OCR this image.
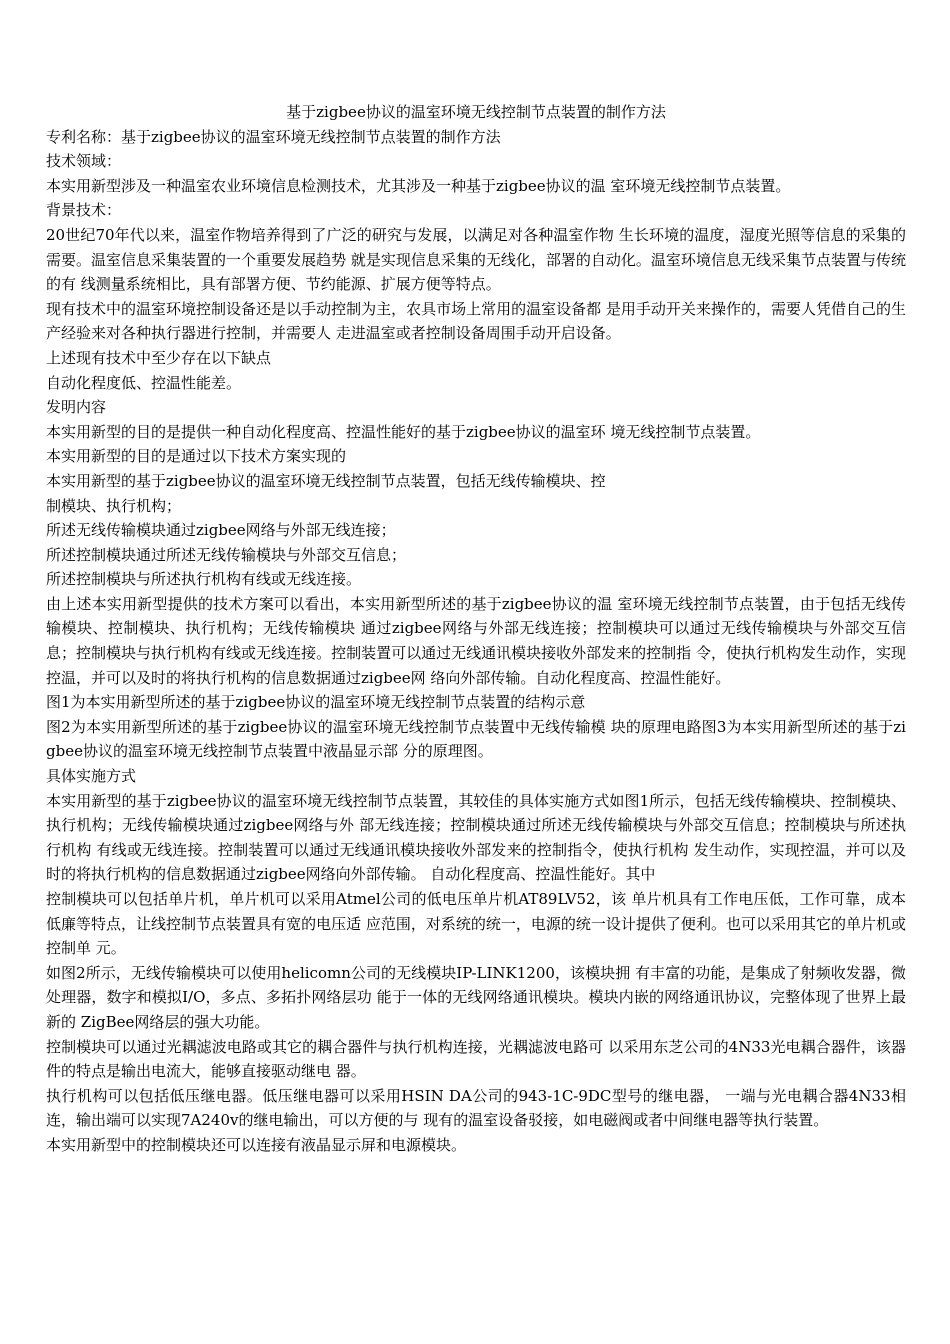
基于zigbee协议的温室环境无线控制节点装置的制作方法

专利名称：基于zigbee协议的温室环境无线控制节点装置的制作方法

技术领域：

本实用新型涉及一种温室农业环境信息检测技术，尤其涉及一种基于zigbee协议的温 室环境无线控制节点装置。

背景技术：

20世纪70年代以来，温室作物培养得到了广泛的研究与发展，以满足对各种温室作物 生长环境的温度，湿度光照等信息的采集的需要。温室信息采集装置的一个重要发展趋势 就是实现信息采集的无线化，部署的自动化。温室环境信息无线采集节点装置与传统的有 线测量系统相比，具有部署方便、节约能源、扩展方便等特点。

现有技术中的温室环境控制设备还是以手动控制为主，农具市场上常用的温室设备都 是用手动开关来操作的，需要人凭借自己的生产经验来对各种执行器进行控制，并需要人 走进温室或者控制设备周围手动开启设备。

上述现有技术中至少存在以下缺点

自动化程度低、控温性能差。

发明内容

本实用新型的目的是提供一种自动化程度高、控温性能好的基于zigbee协议的温室环 境无线控制节点装置。

本实用新型的目的是通过以下技术方案实现的

本实用新型的基于zigbee协议的温室环境无线控制节点装置，包括无线传输模块、控

制模块、执行机构；

所述无线传输模块通过zigbee网络与外部无线连接；

所述控制模块通过所述无线传输模块与外部交互信息；

所述控制模块与所述执行机构有线或无线连接。

由上述本实用新型提供的技术方案可以看出，本实用新型所述的基于zigbee协议的温 室环境无线控制节点装置，由于包括无线传输模块、控制模块、执行机构；无线传输模块 通过zigbee网络与外部无线连接；控制模块可以通过无线传输模块与外部交互信息；控制模块与执行机构有线或无线连接。控制装置可以通过无线通讯模块接收外部发来的控制指 令，使执行机构发生动作，实现控温，并可以及时的将执行机构的信息数据通过zigbee网 络向外部传输。自动化程度高、控温性能好。

图1为本实用新型所述的基于zigbee协议的温室环境无线控制节点装置的结构示意

图2为本实用新型所述的基于zigbee协议的温室环境无线控制节点装置中无线传输模 块的原理电路图3为本实用新型所述的基于zigbee协议的温室环境无线控制节点装置中液晶显示部 分的原理图。

具体实施方式

本实用新型的基于zigbee协议的温室环境无线控制节点装置，其较佳的具体实施方式如图1所示，包括无线传输模块、控制模块、执行机构；无线传输模块通过zigbee网络与外 部无线连接；控制模块通过所述无线传输模块与外部交互信息；控制模块与所述执行机构 有线或无线连接。控制装置可以通过无线通讯模块接收外部发来的控制指令，使执行机构 发生动作，实现控温，并可以及时的将执行机构的信息数据通过zigbee网络向外部传输。 自动化程度高、控温性能好。其中

控制模块可以包括单片机，单片机可以采用Atmel公司的低电压单片机AT89LV52，该 单片机具有工作电压低，工作可靠，成本低廉等特点，让线控制节点装置具有宽的电压适 应范围，对系统的统一，电源的统一设计提供了便利。也可以采用其它的单片机或控制单 元。

如图2所示，无线传输模块可以使用helicomn公司的无线模块IP-LINK1200，该模块拥 有丰富的功能，是集成了射频收发器，微处理器，数字和模拟I/O，多点、多拓扑网络层功 能于一体的无线网络通讯模块。模块内嵌的网络通讯协议，完整体现了世界上最新的 ZigBee网络层的强大功能。

控制模块可以通过光耦滤波电路或其它的耦合器件与执行机构连接，光耦滤波电路可 以采用东芝公司的4N33光电耦合器件，该器件的特点是输出电流大，能够直接驱动继电 器。

执行机构可以包括低压继电器。低压继电器可以采用HSIN DA公司的943-1C-9DC型号的继电器， 一端与光电耦合器4N33相连，输出端可以实现7A240v的继电输出，可以方便的与 现有的温室设备驳接，如电磁阀或者中间继电器等执行装置。

本实用新型中的控制模块还可以连接有液晶显示屏和电源模块。
